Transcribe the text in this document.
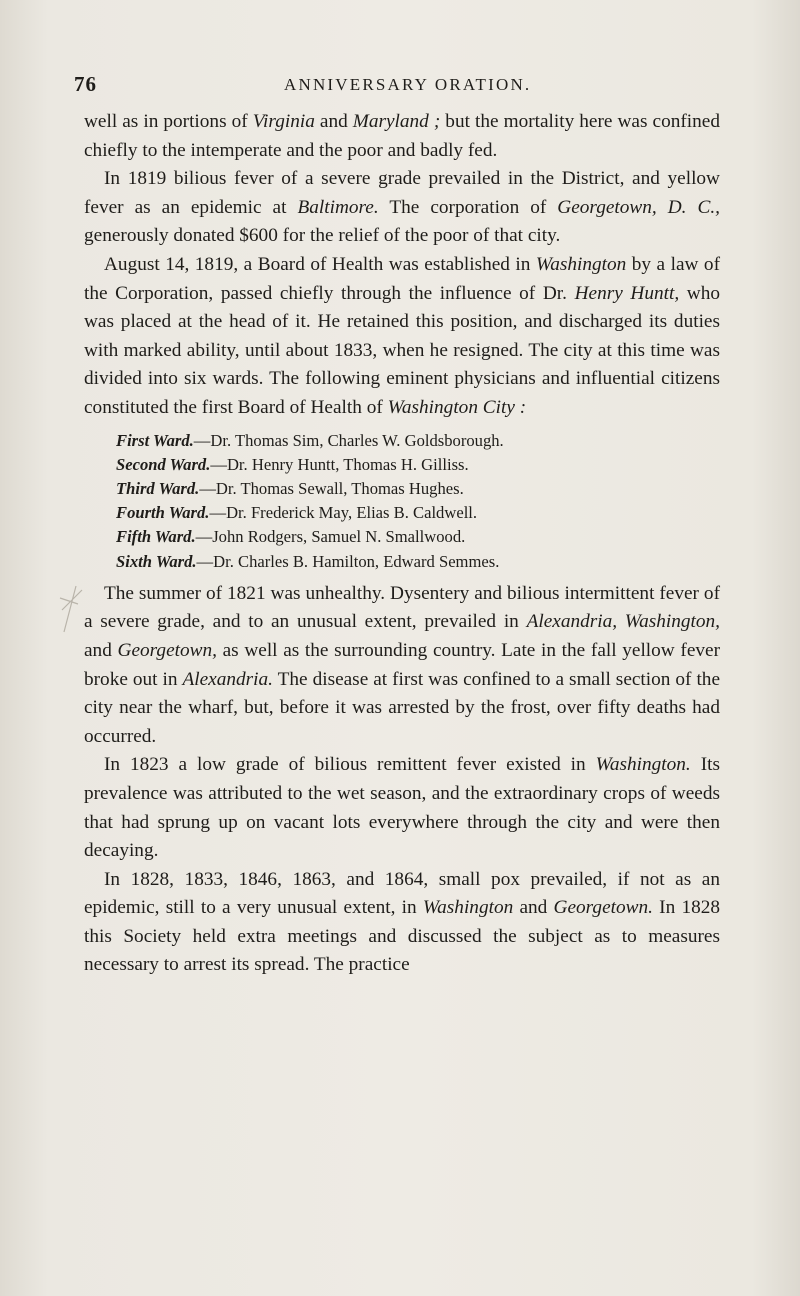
76	ANNIVERSARY ORATION.

well as in portions of Virginia and Maryland ; but the mortality here was confined chiefly to the intemperate and the poor and badly fed.

In 1819 bilious fever of a severe grade prevailed in the District, and yellow fever as an epidemic at Baltimore. The corporation of Georgetown, D. C., generously donated $600 for the relief of the poor of that city.

August 14, 1819, a Board of Health was established in Washington by a law of the Corporation, passed chiefly through the influence of Dr. Henry Huntt, who was placed at the head of it. He retained this position, and discharged its duties with marked ability, until about 1833, when he resigned. The city at this time was divided into six wards. The following eminent physicians and influential citizens constituted the first Board of Health of Washington City :

First Ward.—Dr. Thomas Sim, Charles W. Goldsborough.
Second Ward.—Dr. Henry Huntt, Thomas H. Gilliss.
Third Ward.—Dr. Thomas Sewall, Thomas Hughes.
Fourth Ward.—Dr. Frederick May, Elias B. Caldwell.
Fifth Ward.—John Rodgers, Samuel N. Smallwood.
Sixth Ward.—Dr. Charles B. Hamilton, Edward Semmes.

The summer of 1821 was unhealthy. Dysentery and bilious intermittent fever of a severe grade, and to an unusual extent, prevailed in Alexandria, Washington, and Georgetown, as well as the surrounding country. Late in the fall yellow fever broke out in Alexandria. The disease at first was confined to a small section of the city near the wharf, but, before it was arrested by the frost, over fifty deaths had occurred.

In 1823 a low grade of bilious remittent fever existed in Washington. Its prevalence was attributed to the wet season, and the extraordinary crops of weeds that had sprung up on vacant lots everywhere through the city and were then decaying.

In 1828, 1833, 1846, 1863, and 1864, small pox prevailed, if not as an epidemic, still to a very unusual extent, in Washington and Georgetown. In 1828 this Society held extra meetings and discussed the subject as to measures necessary to arrest its spread. The practice
